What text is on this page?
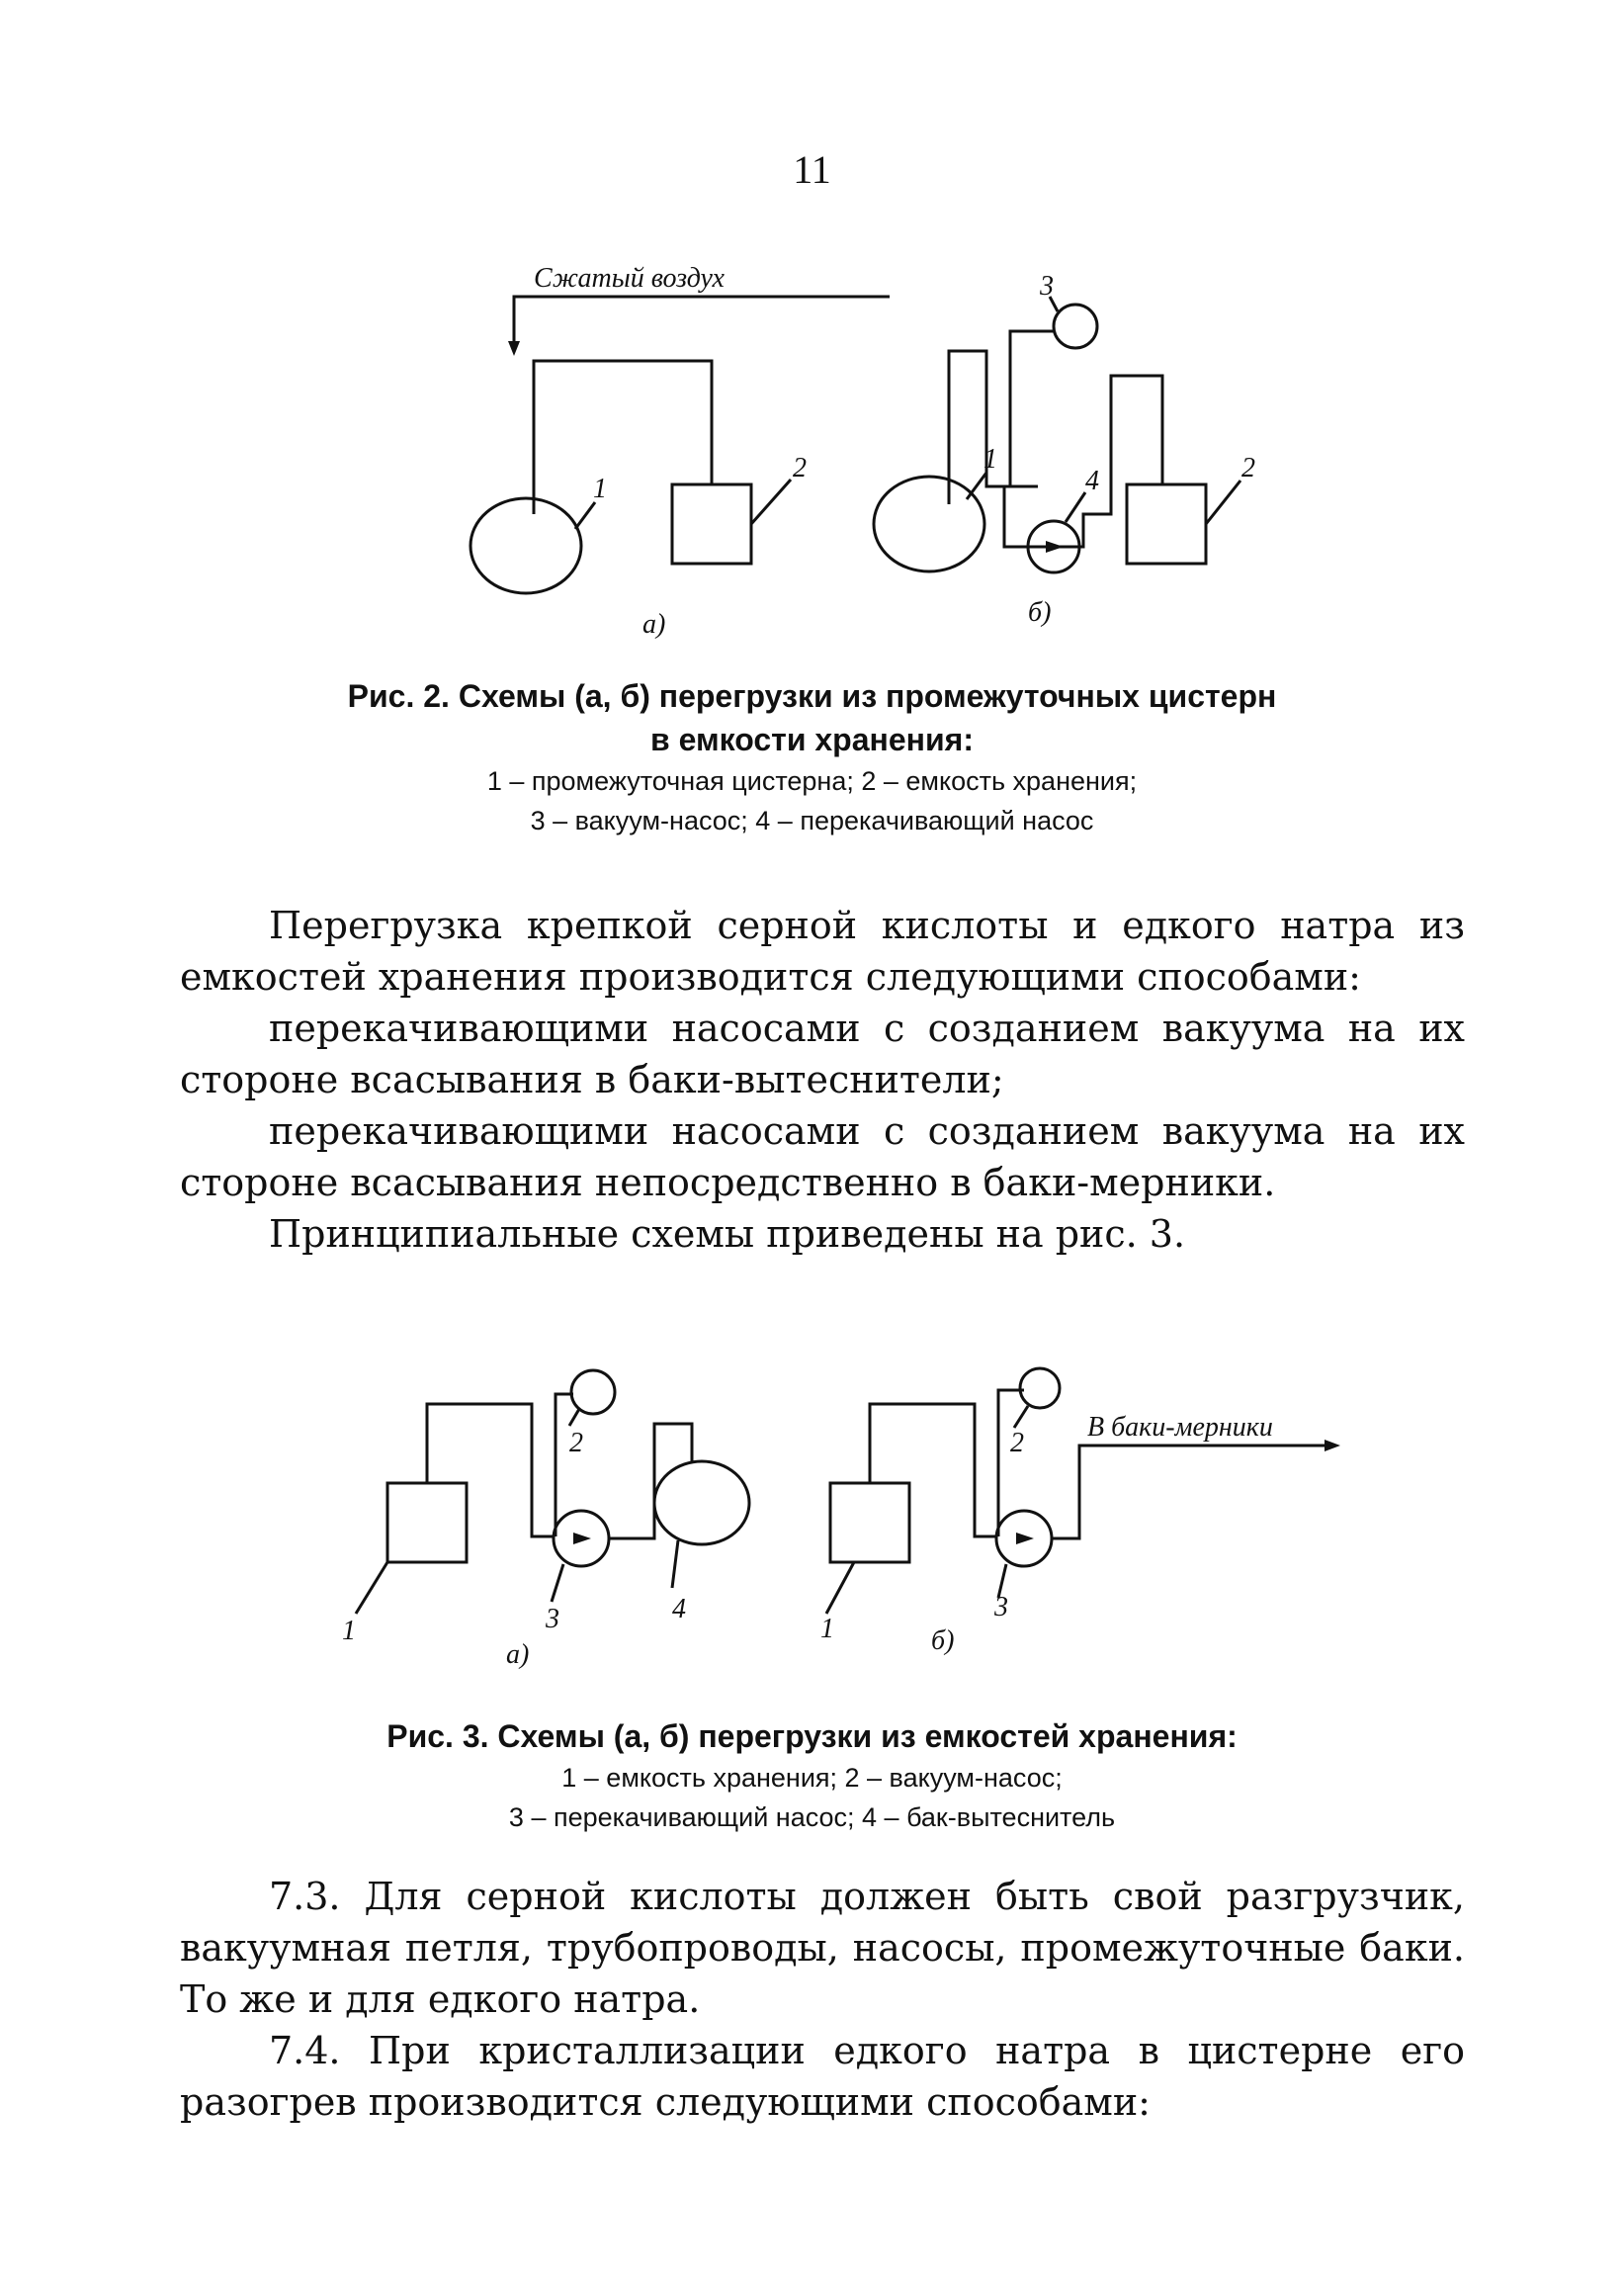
11
Сжатый воздух
1
2	1	2
3
4
а)	б)
Рис. 2. Схемы (а, б) перегрузки из промежуточных цистерн
в емкости хранения:
1 – промежуточная цистерна; 2 – емкость хранения;
3 – вакуум-насос; 4 – перекачивающий насос

Перегрузка крепкой серной кислоты и едкого натра из емкостей хранения производится следующими способами:

перекачивающими насосами с созданием вакуума на их стороне всасывания в баки-вытеснители;

перекачивающими насосами с созданием вакуума на их стороне всасывания непосредственно в баки-мерники.

Принципиальные схемы приведены на рис. 3.

1
2
3	4
а)
1
2
3
б)
В баки-мерники
Рис. 3. Схемы (а, б) перегрузки из емкостей хранения:
1 – емкость хранения; 2 – вакуум-насос;
3 – перекачивающий насос; 4 – бак-вытеснитель

7.3. Для серной кислоты должен быть свой разгрузчик, вакуумная петля, трубопроводы, насосы, промежуточные баки. То же и для едкого натра.

7.4. При кристаллизации едкого натра в цистерне его разогрев производится следующими способами:
